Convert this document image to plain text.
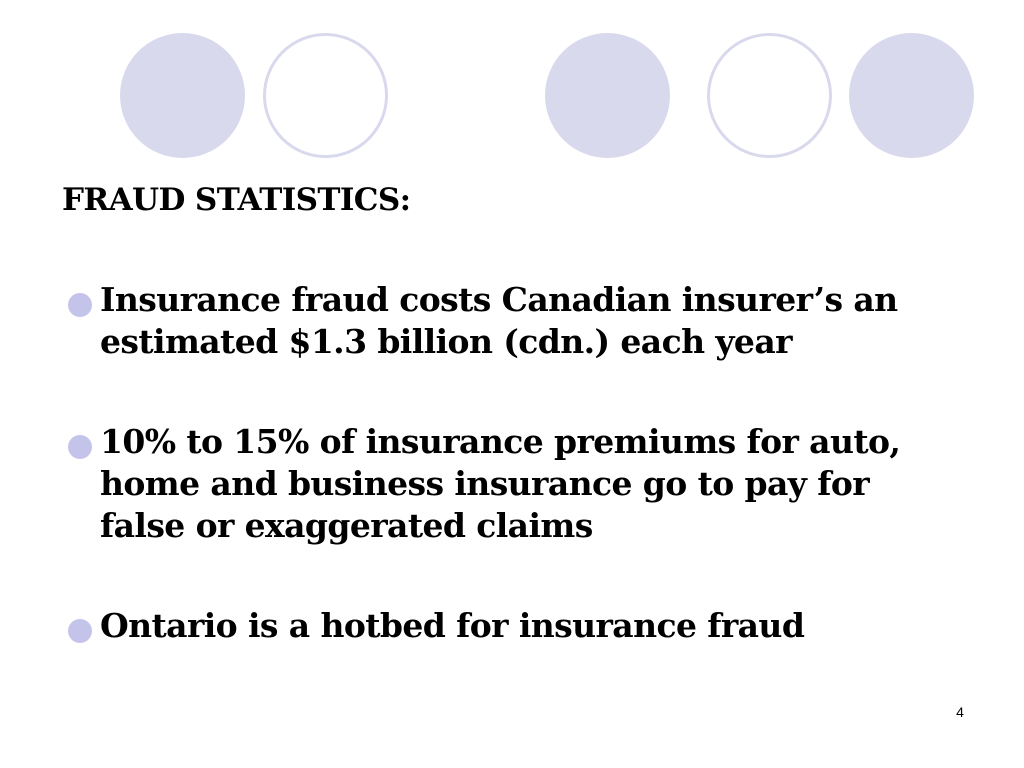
FRAUD STATISTICS:
Insurance fraud costs Canadian insurer’s an estimated $1.3 billion (cdn.) each year
10% to 15% of insurance premiums for auto, home and business insurance go to pay for false or exaggerated claims
Ontario is a hotbed for insurance fraud
4
